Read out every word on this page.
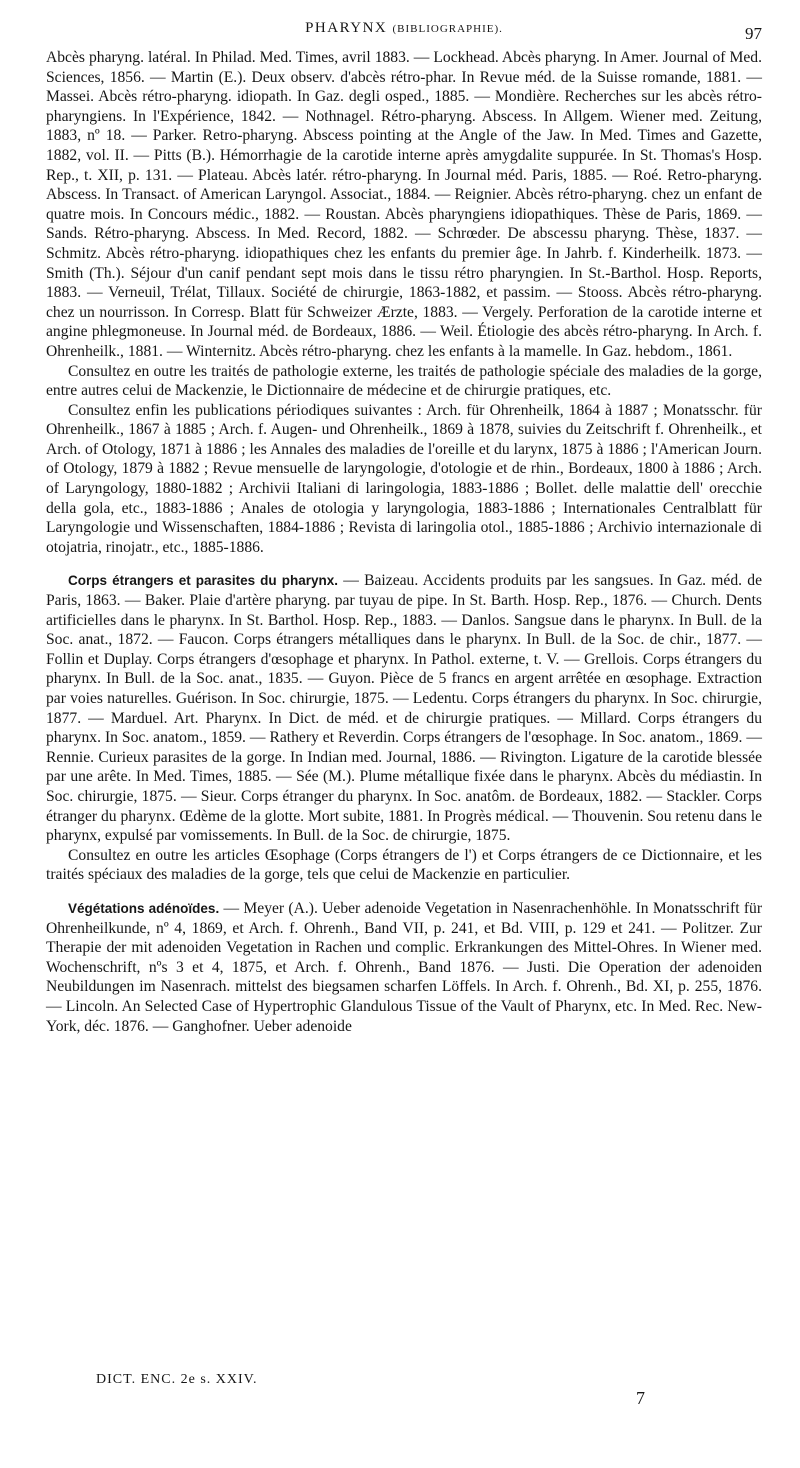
PHARYNX (BIBLIOGRAPHIE).	97

Abcès pharyng. latéral. In Philad. Med. Times, avril 1883. — Lockhead. Abcès pharyng. In Amer. Journal of Med. Sciences, 1856. — Martin (E.). Deux observ. d'abcès rétro-phar. In Revue méd. de la Suisse romande, 1881. — Massei. Abcès rétro-pharyng. idiopath. In Gaz. degli osped., 1885. — Mondière. Recherches sur les abcès rétro-pharyngiens. In l'Expérience, 1842. — Nothnagel. Rétro-pharyng. Abscess. In Allgem. Wiener med. Zeitung, 1883, nº 18. — Parker. Retro-pharyng. Abscess pointing at the Angle of the Jaw. In Med. Times and Gazette, 1882, vol. II. — Pitts (B.). Hémorrhagie de la carotide interne après amygdalite suppurée. In St. Thomas's Hosp. Rep., t. XII, p. 131. — Plateau. Abcès latér. rétro-pharyng. In Journal méd. Paris, 1885. — Roé. Retro-pharyng. Abscess. In Transact. of American Laryngol. Associat., 1884. — Reignier. Abcès rétro-pharyng. chez un enfant de quatre mois. In Concours médic., 1882. — Roustan. Abcès pharyngiens idiopathiques. Thèse de Paris, 1869. — Sands. Rétro-pharyng. Abscess. In Med. Record, 1882. — Schrœder. De abscessu pharyng. Thèse, 1837. — Schmitz. Abcès rétro-pharyng. idiopathiques chez les enfants du premier âge. In Jahrb. f. Kinderheilk. 1873. — Smith (Th.). Séjour d'un canif pendant sept mois dans le tissu rétro pharyngien. In St.-Barthol. Hosp. Reports, 1883. — Verneuil, Trélat, Tillaux. Société de chirurgie, 1863-1882, et passim. — Stooss. Abcès rétro-pharyng. chez un nourrisson. In Corresp. Blatt für Schweizer Ærzte, 1883. — Vergely. Perforation de la carotide interne et angine phlegmoneuse. In Journal méd. de Bordeaux, 1886. — Weil. Étiologie des abcès rétro-pharyng. In Arch. f. Ohrenheilk., 1881. — Winternitz. Abcès rétro-pharyng. chez les enfants à la mamelle. In Gaz. hebdom., 1861.

Consultez en outre les traités de pathologie externe, les traités de pathologie spéciale des maladies de la gorge, entre autres celui de Mackenzie, le Dictionnaire de médecine et de chirurgie pratiques, etc.

Consultez enfin les publications périodiques suivantes : Arch. für Ohrenheilk, 1864 à 1887 ; Monatsschr. für Ohrenheilk., 1867 à 1885 ; Arch. f. Augen- und Ohrenheilk., 1869 à 1878, suivies du Zeitschrift f. Ohrenheilk., et Arch. of Otology, 1871 à 1886 ; les Annales des maladies de l'oreille et du larynx, 1875 à 1886 ; l'American Journ. of Otology, 1879 à 1882 ; Revue mensuelle de laryngologie, d'otologie et de rhin., Bordeaux, 1800 à 1886 ; Arch. of Laryngology, 1880-1882 ; Archivii Italiani di laringologia, 1883-1886 ; Bollet. delle malattie dell' orecchie della gola, etc., 1883-1886 ; Anales de otologia y laryngologia, 1883-1886 ; Internationales Centralblatt für Laryngologie und Wissenschaften, 1884-1886 ; Revista di laringolia otol., 1885-1886 ; Archivio internazionale di otojatria, rinojatr., etc., 1885-1886.

Corps étrangers et parasites du pharynx. — Baizeau. Accidents produits par les sangsues. In Gaz. méd. de Paris, 1863. — Baker. Plaie d'artère pharyng. par tuyau de pipe. In St. Barth. Hosp. Rep., 1876. — Church. Dents artificielles dans le pharynx. In St. Barthol. Hosp. Rep., 1883. — Danlos. Sangsue dans le pharynx. In Bull. de la Soc. anat., 1872. — Faucon. Corps étrangers métalliques dans le pharynx. In Bull. de la Soc. de chir., 1877. — Follin et Duplay. Corps étrangers d'œsophage et pharynx. In Pathol. externe, t. V. — Grellois. Corps étrangers du pharynx. In Bull. de la Soc. anat., 1835. — Guyon. Pièce de 5 francs en argent arrêtée en œsophage. Extraction par voies naturelles. Guérison. In Soc. chirurgie, 1875. — Ledentu. Corps étrangers du pharynx. In Soc. chirurgie, 1877. — Marduel. Art. Pharynx. In Dict. de méd. et de chirurgie pratiques. — Millard. Corps étrangers du pharynx. In Soc. anatom., 1859. — Rathery et Reverdin. Corps étrangers de l'œsophage. In Soc. anatom., 1869. — Rennie. Curieux parasites de la gorge. In Indian med. Journal, 1886. — Rivington. Ligature de la carotide blessée par une arête. In Med. Times, 1885. — Sée (M.). Plume métallique fixée dans le pharynx. Abcès du médiastin. In Soc. chirurgie, 1875. — Sieur. Corps étranger du pharynx. In Soc. anatôm. de Bordeaux, 1882. — Stackler. Corps étranger du pharynx. Œdème de la glotte. Mort subite, 1881. In Progrès médical. — Thouvenin. Sou retenu dans le pharynx, expulsé par vomissements. In Bull. de la Soc. de chirurgie, 1875.

Consultez en outre les articles Œsophage (Corps étrangers de l') et Corps étrangers de ce Dictionnaire, et les traités spéciaux des maladies de la gorge, tels que celui de Mackenzie en particulier.

Végétations adénoïdes. — Meyer (A.). Ueber adenoide Vegetation in Nasenrachenhöhle. In Monatsschrift für Ohrenheilkunde, nº 4, 1869, et Arch. f. Ohrenh., Band VII, p. 241, et Bd. VIII, p. 129 et 241. — Politzer. Zur Therapie der mit adenoiden Vegetation in Rachen und complic. Erkrankungen des Mittel-Ohres. In Wiener med. Wochenschrift, nºs 3 et 4, 1875, et Arch. f. Ohrenh., Band 1876. — Justi. Die Operation der adenoiden Neubildungen im Nasenrach. mittelst des biegsamen scharfen Löffels. In Arch. f. Ohrenh., Bd. XI, p. 255, 1876. — Lincoln. An Selected Case of Hypertrophic Glandulous Tissue of the Vault of Pharynx, etc. In Med. Rec. New-York, déc. 1876. — Ganghofner. Ueber adenoide

DICT. ENC. 2e s. XXIV.
7
